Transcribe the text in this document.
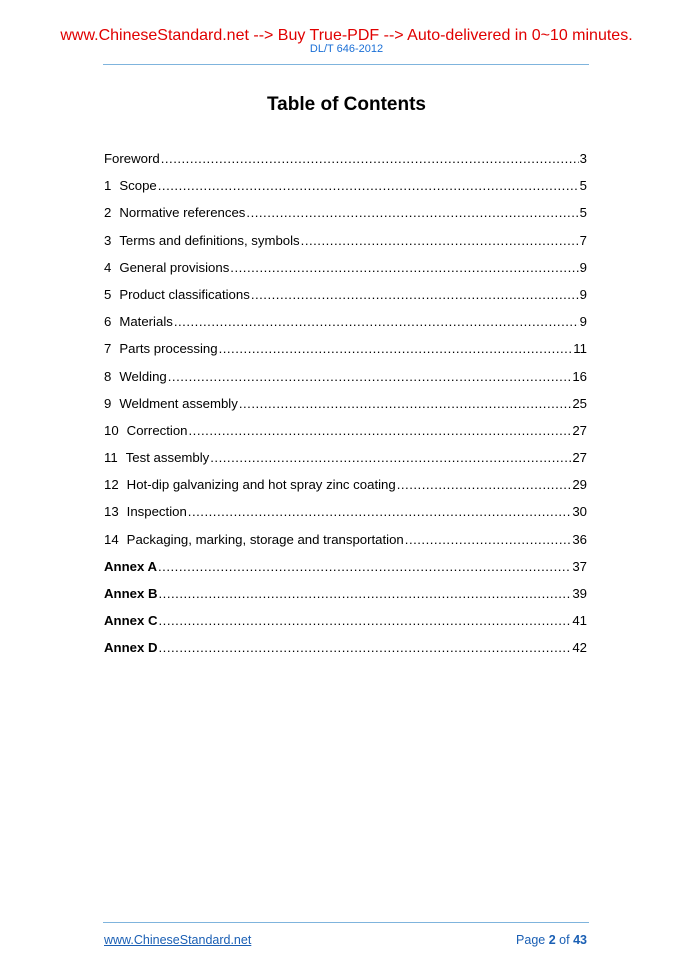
www.ChineseStandard.net --> Buy True-PDF --> Auto-delivered in 0~10 minutes.
DL/T 646-2012
Table of Contents
Foreword .....	3
1 Scope .....	5
2 Normative references .....	5
3 Terms and definitions, symbols .....	7
4 General provisions .....	9
5 Product classifications .....	9
6 Materials .....	9
7 Parts processing .....	11
8 Welding .....	16
9 Weldment assembly .....	25
10 Correction .....	27
11 Test assembly .....	27
12 Hot-dip galvanizing and hot spray zinc coating .....	29
13 Inspection .....	30
14 Packaging, marking, storage and transportation .....	36
Annex A .....	37
Annex B .....	39
Annex C .....	41
Annex D .....	42
www.ChineseStandard.net	Page 2 of 43
